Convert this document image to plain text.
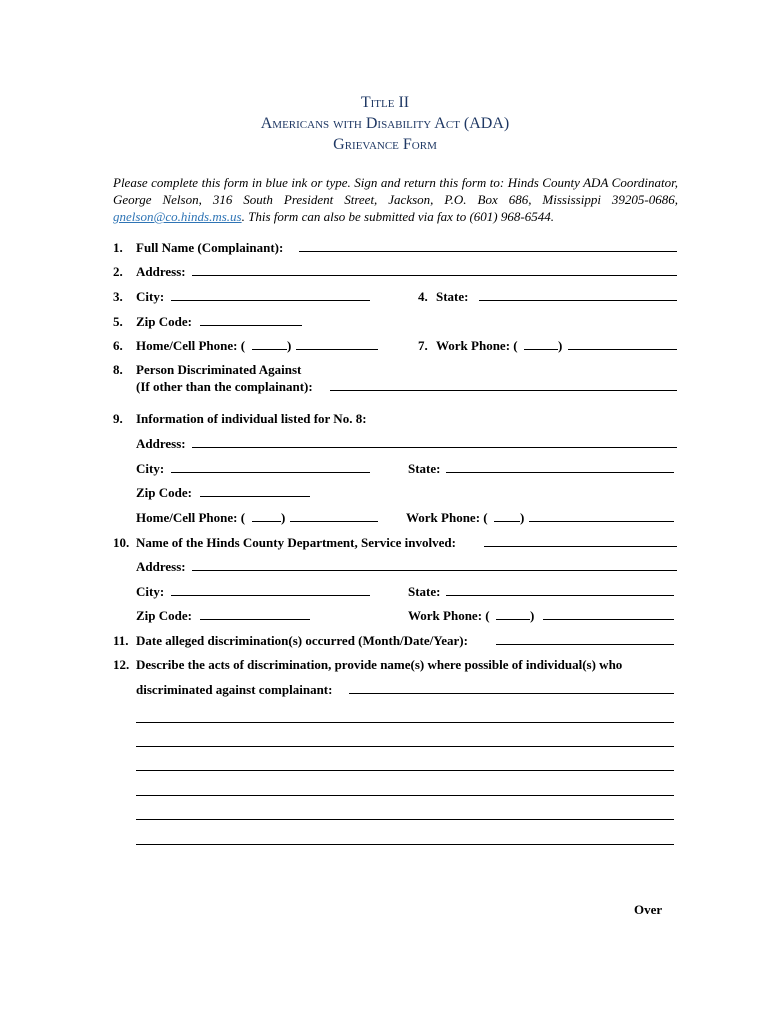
Title II
Americans with Disability Act (ADA)
Grievance Form
Please complete this form in blue ink or type. Sign and return this form to: Hinds County ADA Coordinator, George Nelson, 316 South President Street, Jackson, P.O. Box 686, Mississippi 39205-0686, gnelson@co.hinds.ms.us. This form can also be submitted via fax to (601) 968-6544.
1. Full Name (Complainant):
2. Address:
3. City:	4. State:
5. Zip Code:
6. Home/Cell Phone: (	)	7. Work Phone: (	)
8. Person Discriminated Against
(If other than the complainant):
9. Information of individual listed for No. 8:
Address:
City:	State:
Zip Code:
Home/Cell Phone: (	)	Work Phone: ( )
10. Name of the Hinds County Department, Service involved:
Address:
City:	State:
Zip Code:	Work Phone: (	)
11. Date alleged discrimination(s) occurred (Month/Date/Year):
12. Describe the acts of discrimination, provide name(s) where possible of individual(s) who
discriminated against complainant:
Over
